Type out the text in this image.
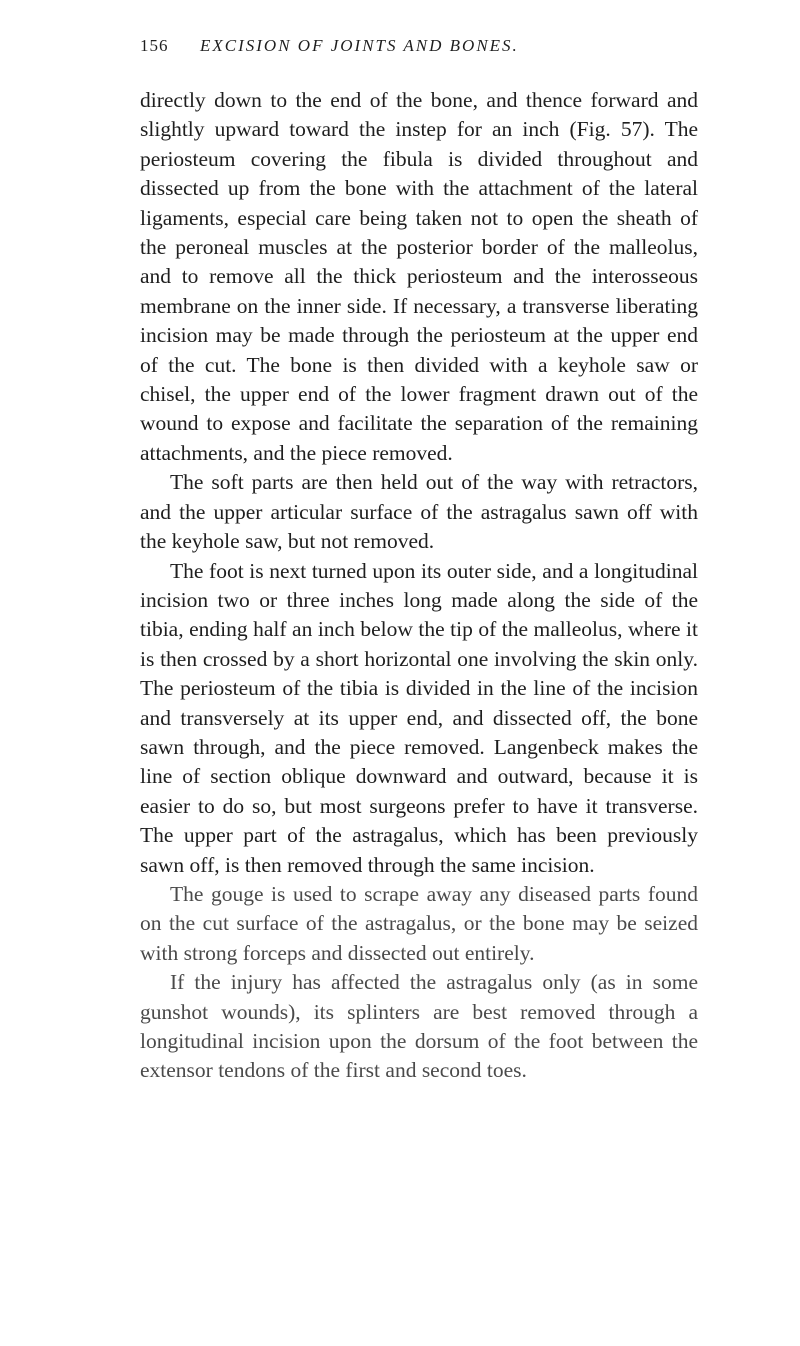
156 EXCISION OF JOINTS AND BONES.

directly down to the end of the bone, and thence forward and slightly upward toward the instep for an inch (Fig. 57). The periosteum covering the fibula is divided throughout and dissected up from the bone with the attachment of the lateral ligaments, especial care being taken not to open the sheath of the peroneal muscles at the posterior border of the malleolus, and to remove all the thick periosteum and the interosseous membrane on the inner side. If necessary, a transverse liberating incision may be made through the periosteum at the upper end of the cut. The bone is then divided with a keyhole saw or chisel, the upper end of the lower fragment drawn out of the wound to expose and facilitate the separation of the remaining attachments, and the piece removed.

The soft parts are then held out of the way with retractors, and the upper articular surface of the astragalus sawn off with the keyhole saw, but not removed.

The foot is next turned upon its outer side, and a longitudinal incision two or three inches long made along the side of the tibia, ending half an inch below the tip of the malleolus, where it is then crossed by a short horizontal one involving the skin only. The periosteum of the tibia is divided in the line of the incision and transversely at its upper end, and dissected off, the bone sawn through, and the piece removed. Langenbeck makes the line of section oblique downward and outward, because it is easier to do so, but most surgeons prefer to have it transverse. The upper part of the astragalus, which has been previously sawn off, is then removed through the same incision.

The gouge is used to scrape away any diseased parts found on the cut surface of the astragalus, or the bone may be seized with strong forceps and dissected out entirely.

If the injury has affected the astragalus only (as in some gunshot wounds), its splinters are best removed through a longitudinal incision upon the dorsum of the foot between the extensor tendons of the first and second toes.
